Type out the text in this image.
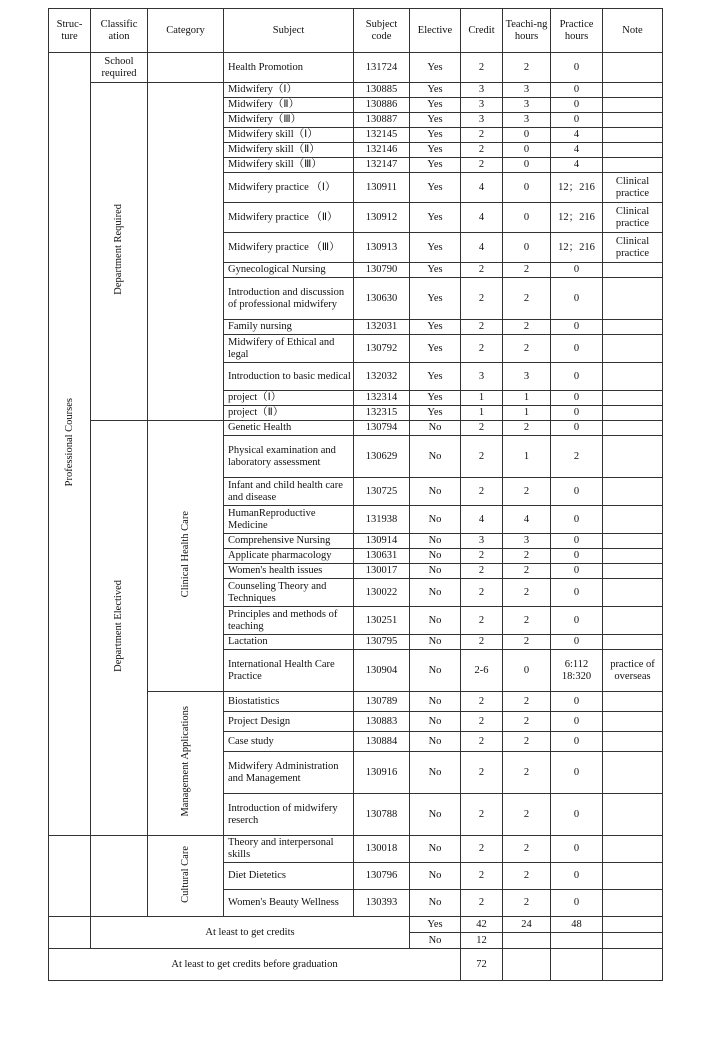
Struc-ture	Classific ation	Category	Subject	Subject code	Elective	Credit	Teachi-ng hours	Practice hours	Note
Professional Courses	School required		Health Promotion	131724	Yes	2	2	0	
	Department Required		Midwifery（Ⅰ）	130885	Yes	3	3	0	
			Midwifery（Ⅱ）	130886	Yes	3	3	0	
			Midwifery（Ⅲ）	130887	Yes	3	3	0	
			Midwifery skill（Ⅰ）	132145	Yes	2	0	4	
			Midwifery skill（Ⅱ）	132146	Yes	2	0	4	
			Midwifery skill（Ⅲ）	132147	Yes	2	0	4	
			Midwifery practice （Ⅰ）	130911	Yes	4	0	12；216	Clinical practice
			Midwifery practice （Ⅱ）	130912	Yes	4	0	12；216	Clinical practice
			Midwifery practice （Ⅲ）	130913	Yes	4	0	12；216	Clinical practice
			Gynecological Nursing	130790	Yes	2	2	0	
			Introduction and discussion of professional midwifery	130630	Yes	2	2	0	
			Family nursing	132031	Yes	2	2	0	
			Midwifery of Ethical and legal	130792	Yes	2	2	0	
			Introduction to basic medical	132032	Yes	3	3	0	
			project（Ⅰ）	132314	Yes	1	1	0	
			project（Ⅱ）	132315	Yes	1	1	0	
	Department Electived	Clinical Health Care	Genetic Health	130794	No	2	2	0	
			Physical examination and laboratory assessment	130629	No	2	1	2	
			Infant and child health care and disease	130725	No	2	2	0	
			HumanReproductive Medicine	131938	No	4	4	0	
			Comprehensive Nursing	130914	No	3	3	0	
			Applicate pharmacology	130631	No	2	2	0	
			Women's health issues	130017	No	2	2	0	
			Counseling Theory and Techniques	130022	No	2	2	0	
			Principles and methods of teaching	130251	No	2	2	0	
			Lactation	130795	No	2	2	0	
			International Health Care Practice	130904	No	2-6	0	6:112 18:320	practice of overseas
		Management Applications	Biostatistics	130789	No	2	2	0	
			Project Design	130883	No	2	2	0	
			Case study	130884	No	2	2	0	
			Midwifery Administration and Management	130916	No	2	2	0	
			Introduction of midwifery reserch	130788	No	2	2	0	
		Cultural Care	Theory and interpersonal skills	130018	No	2	2	0	
			Diet Dietetics	130796	No	2	2	0	
			Women's Beauty Wellness	130393	No	2	2	0	
	At least to get credits				Yes	42	24	48	
					No	12			
At least to get credits before graduation						72			
